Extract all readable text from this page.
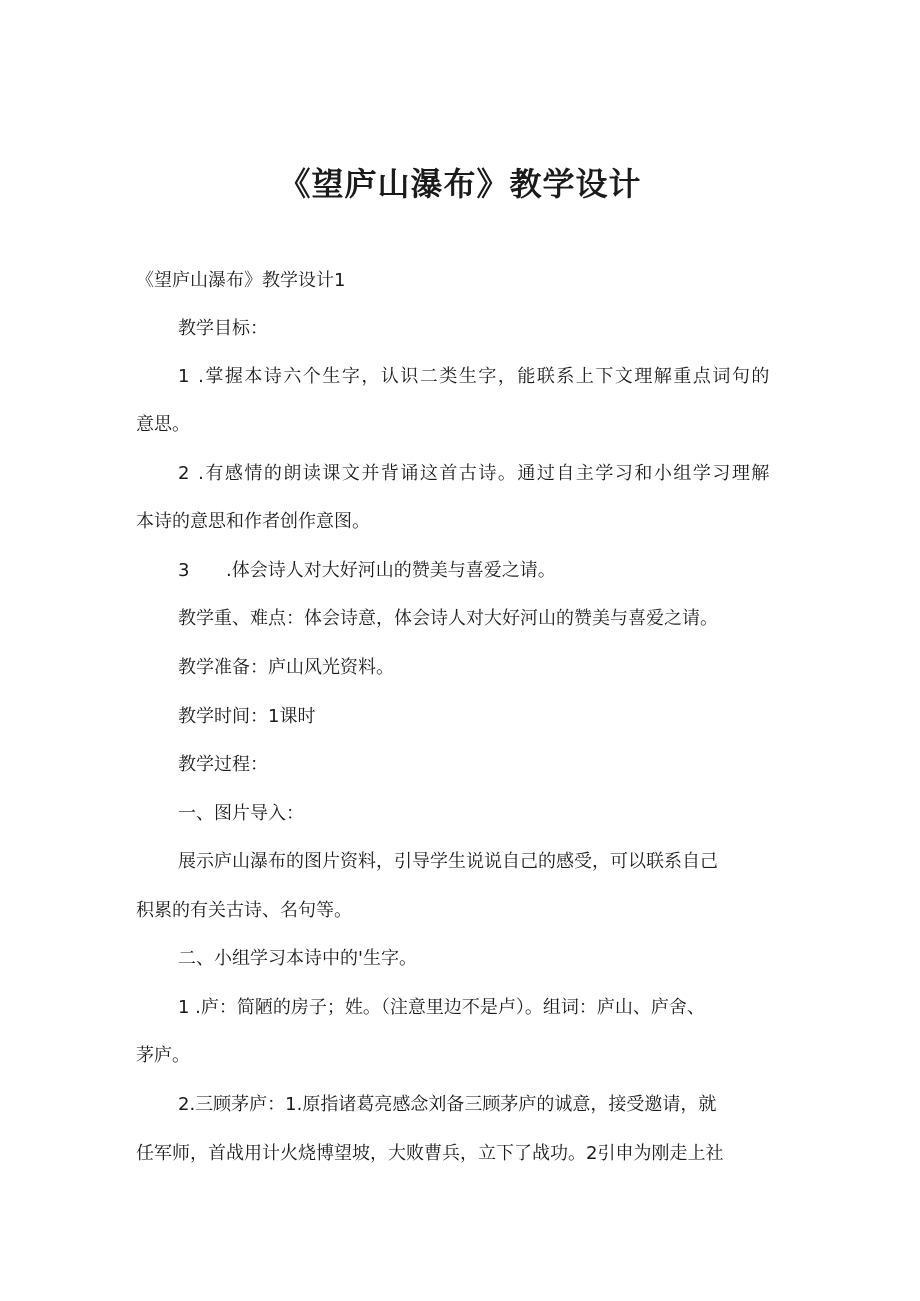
《望庐山瀑布》教学设计
《望庐山瀑布》教学设计1
教学目标：
1 .掌握本诗六个生字，认识二类生字，能联系上下文理解重点词句的
意思。
2 .有感情的朗读课文并背诵这首古诗。通过自主学习和小组学习理解
本诗的意思和作者创作意图。
3 .体会诗人对大好河山的赞美与喜爱之请。
教学重、难点：体会诗意，体会诗人对大好河山的赞美与喜爱之请。
教学准备：庐山风光资料。
教学时间：1课时
教学过程：
一、图片导入：
展示庐山瀑布的图片资料，引导学生说说自己的感受，可以联系自己
积累的有关古诗、名句等。
二、小组学习本诗中的'生字。
1 .庐：简陋的房子；姓。（注意里边不是卢）。组词：庐山、庐舍、
茅庐。
2.三顾茅庐：1.原指诸葛亮感念刘备三顾茅庐的诚意，接受邀请，就
任军师，首战用计火烧博望坡，大败曹兵，立下了战功。2引申为刚走上社
